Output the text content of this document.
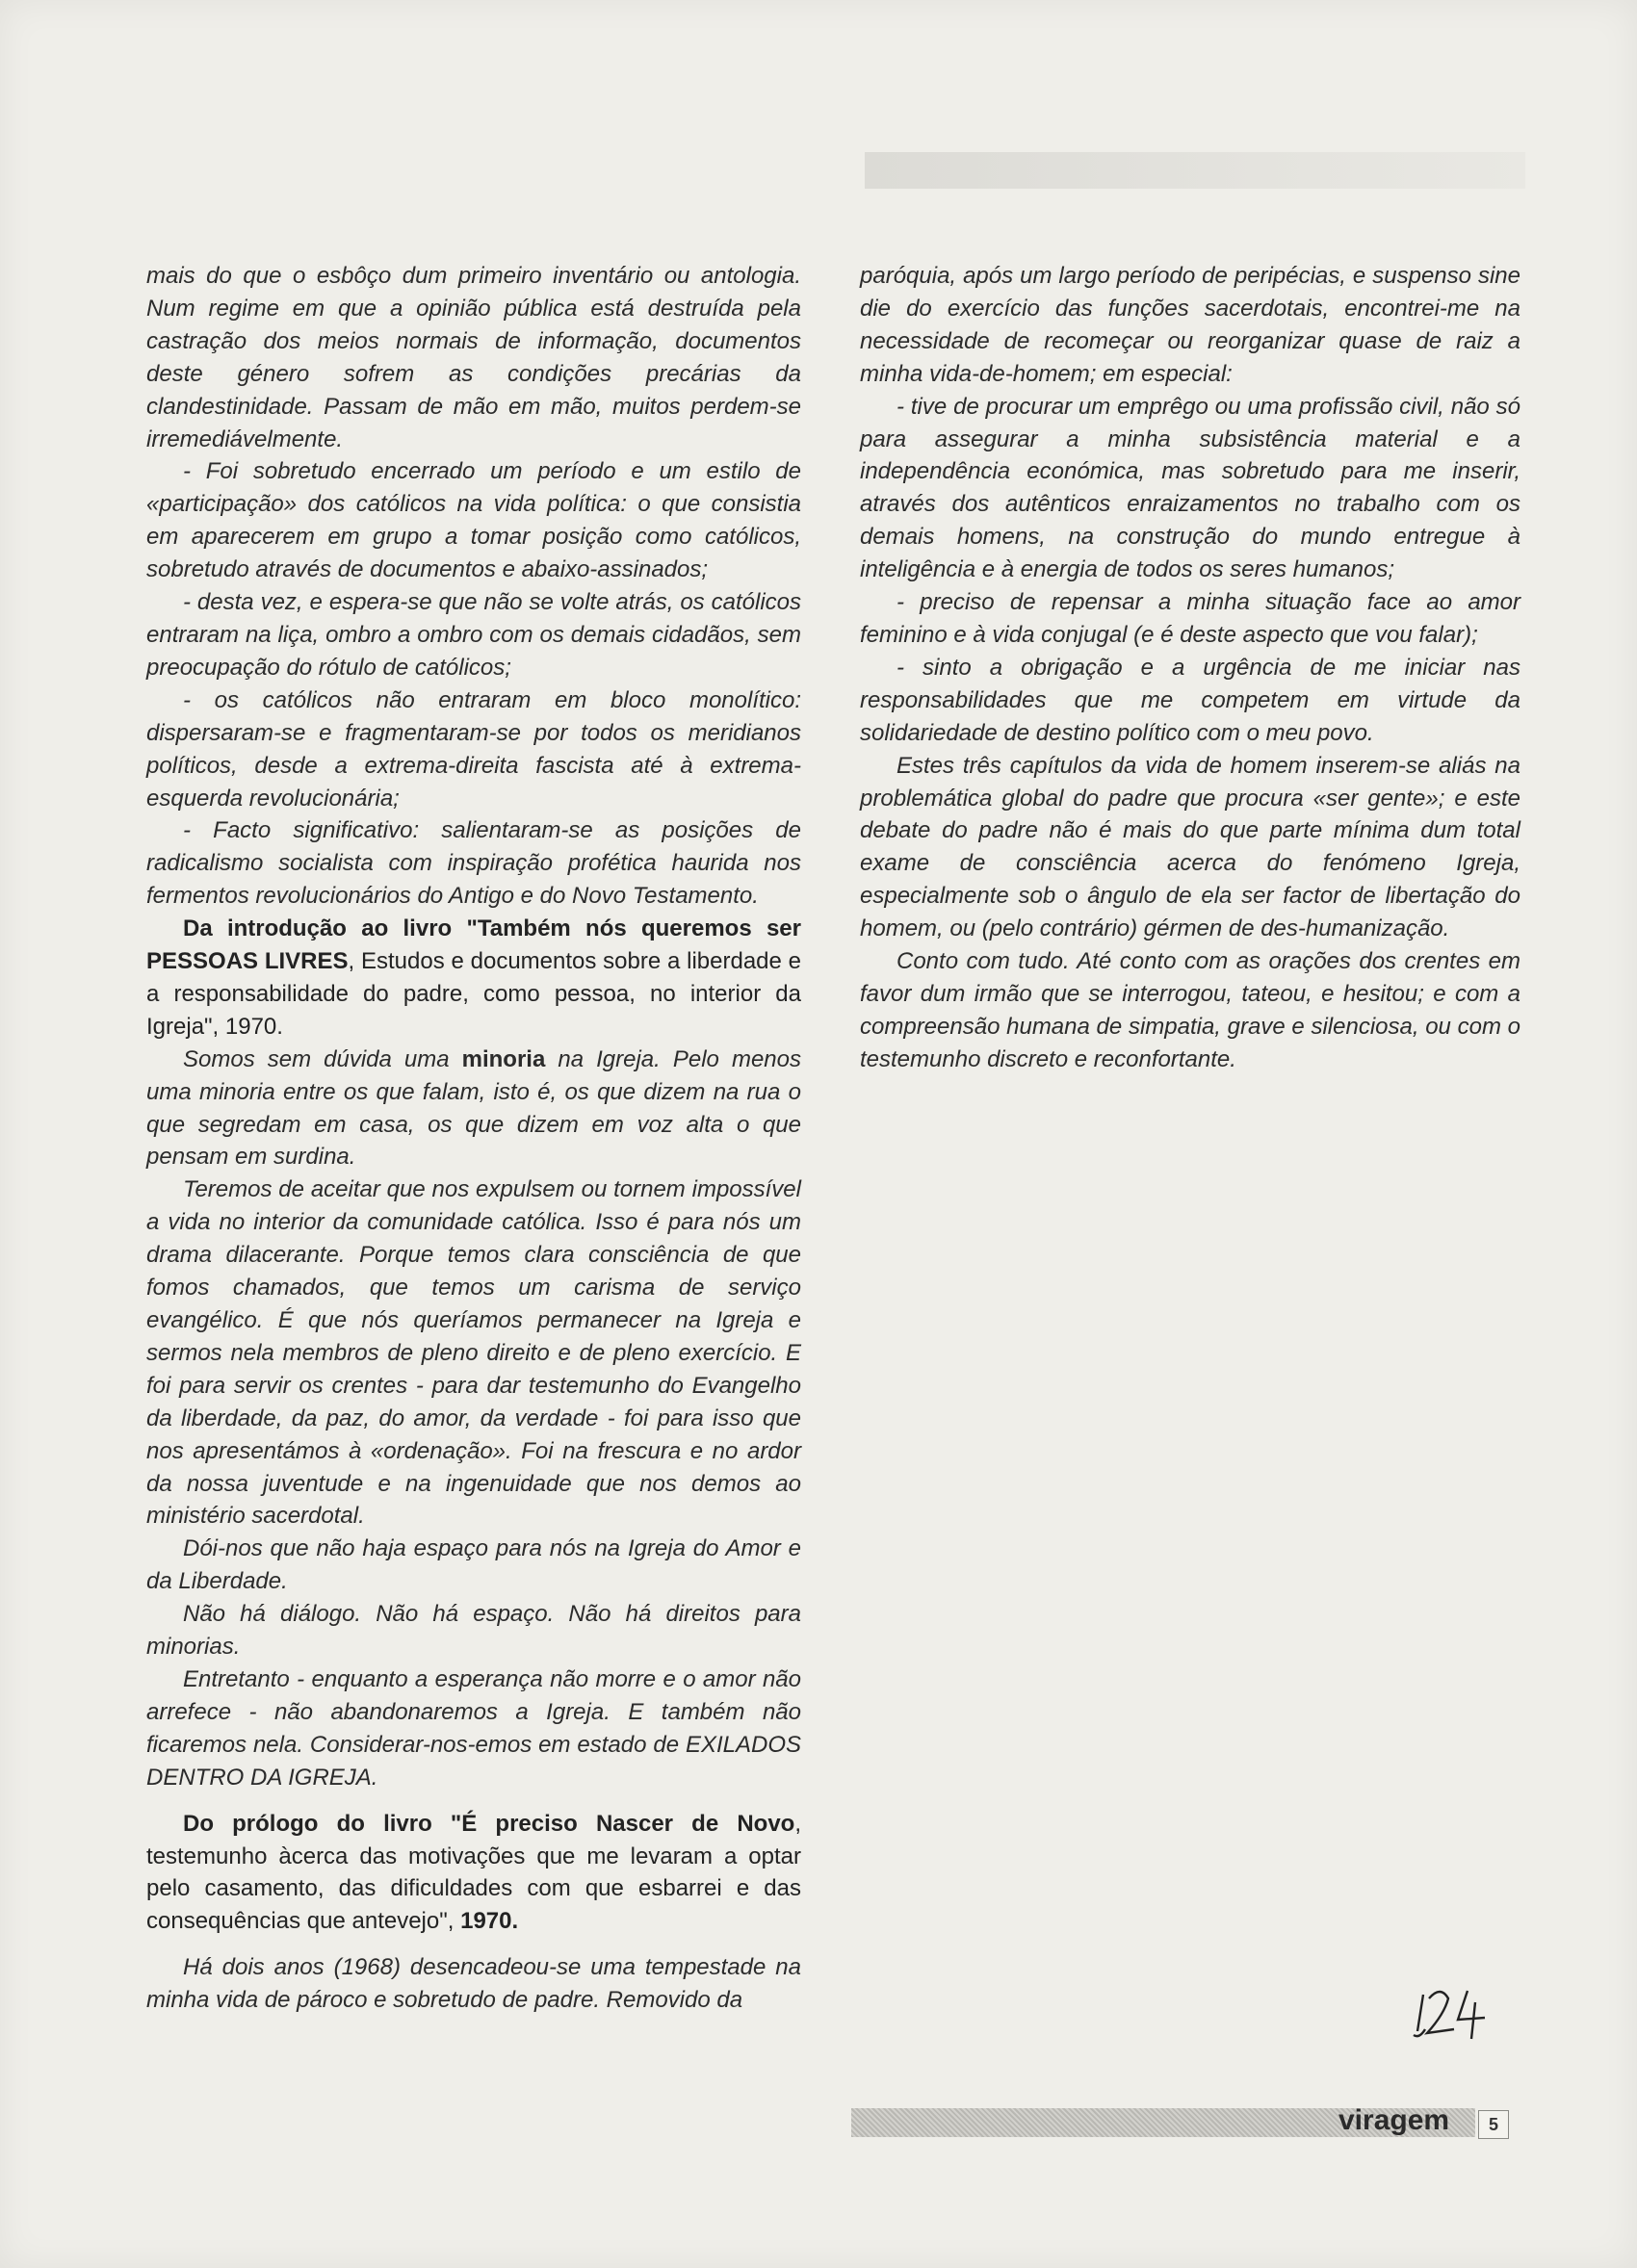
mais do que o esbôço dum primeiro inventário ou antologia. Num regime em que a opinião pública está destruída pela castração dos meios normais de informação, documentos deste género sofrem as condições precárias da clandestinidade. Passam de mão em mão, muitos perdem-se irremediávelmente.

- Foi sobretudo encerrado um período e um estilo de «participação» dos católicos na vida política: o que consistia em aparecerem em grupo a tomar posição como católicos, sobretudo através de documentos e abaixo-assinados;

- desta vez, e espera-se que não se volte atrás, os católicos entraram na liça, ombro a ombro com os demais cidadãos, sem preocupação do rótulo de católicos;

- os católicos não entraram em bloco monolítico: dispersaram-se e fragmentaram-se por todos os meridianos políticos, desde a extrema-direita fascista até à extrema-esquerda revolucionária;

- Facto significativo: salientaram-se as posições de radicalismo socialista com inspiração profética haurida nos fermentos revolucionários do Antigo e do Novo Testamento.

Da introdução ao livro "Também nós queremos ser PESSOAS LIVRES, Estudos e documentos sobre a liberdade e a responsabilidade do padre, como pessoa, no interior da Igreja", 1970.

Somos sem dúvida uma minoria na Igreja. Pelo menos uma minoria entre os que falam, isto é, os que dizem na rua o que segredam em casa, os que dizem em voz alta o que pensam em surdina.

Teremos de aceitar que nos expulsem ou tornem impossível a vida no interior da comunidade católica. Isso é para nós um drama dilacerante. Porque temos clara consciência de que fomos chamados, que temos um carisma de serviço evangélico. É que nós queríamos permanecer na Igreja e sermos nela membros de pleno direito e de pleno exercício. E foi para servir os crentes - para dar testemunho do Evangelho da liberdade, da paz, do amor, da verdade - foi para isso que nos apresentámos à «ordenação». Foi na frescura e no ardor da nossa juventude e na ingenuidade que nos demos ao ministério sacerdotal.

Dói-nos que não haja espaço para nós na Igreja do Amor e da Liberdade.

Não há diálogo. Não há espaço. Não há direitos para minorias.

Entretanto - enquanto a esperança não morre e o amor não arrefece - não abandonaremos a Igreja. E também não ficaremos nela. Considerar-nos-emos em estado de EXILADOS DENTRO DA IGREJA.

Do prólogo do livro "É preciso Nascer de Novo, testemunho àcerca das motivações que me levaram a optar pelo casamento, das dificuldades com que esbarrei e das consequências que antevejo", 1970.

Há dois anos (1968) desencadeou-se uma tempestade na minha vida de pároco e sobretudo de padre. Removido da

paróquia, após um largo período de peripécias, e suspenso sine die do exercício das funções sacerdotais, encontrei-me na necessidade de recomeçar ou reorganizar quase de raiz a minha vida-de-homem; em especial:

- tive de procurar um emprêgo ou uma profissão civil, não só para assegurar a minha subsistência material e a independência económica, mas sobretudo para me inserir, através dos autênticos enraizamentos no trabalho com os demais homens, na construção do mundo entregue à inteligência e à energia de todos os seres humanos;

- preciso de repensar a minha situação face ao amor feminino e à vida conjugal (e é deste aspecto que vou falar);

- sinto a obrigação e a urgência de me iniciar nas responsabilidades que me competem em virtude da solidariedade de destino político com o meu povo.

Estes três capítulos da vida de homem inserem-se aliás na problemática global do padre que procura «ser gente»; e este debate do padre não é mais do que parte mínima dum total exame de consciência acerca do fenómeno Igreja, especialmente sob o ângulo de ela ser factor de libertação do homem, ou (pelo contrário) gérmen de des-humanização.

Conto com tudo. Até conto com as orações dos crentes em favor dum irmão que se interrogou, tateou, e hesitou; e com a compreensão humana de simpatia, grave e silenciosa, ou com o testemunho discreto e reconfortante.

viragem	5
